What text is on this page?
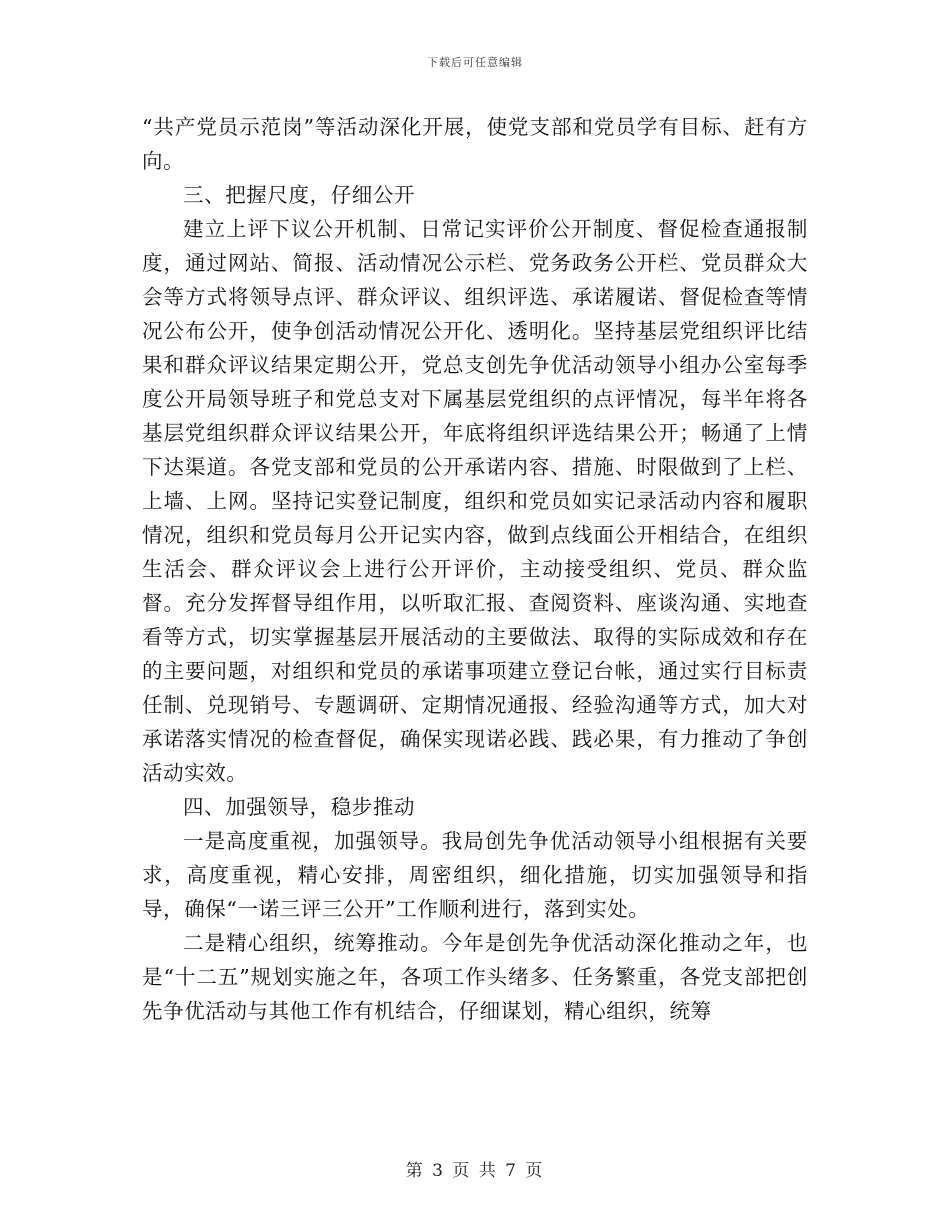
下载后可任意编辑

“共产党员示范岗”等活动深化开展，使党支部和党员学有目标、赶有方向。

三、把握尺度，仔细公开

建立上评下议公开机制、日常记实评价公开制度、督促检查通报制度，通过网站、简报、活动情况公示栏、党务政务公开栏、党员群众大会等方式将领导点评、群众评议、组织评选、承诺履诺、督促检查等情况公布公开，使争创活动情况公开化、透明化。坚持基层党组织评比结果和群众评议结果定期公开，党总支创先争优活动领导小组办公室每季度公开局领导班子和党总支对下属基层党组织的点评情况，每半年将各基层党组织群众评议结果公开，年底将组织评选结果公开；畅通了上情下达渠道。各党支部和党员的公开承诺内容、措施、时限做到了上栏、上墙、上网。坚持记实登记制度，组织和党员如实记录活动内容和履职情况，组织和党员每月公开记实内容，做到点线面公开相结合，在组织生活会、群众评议会上进行公开评价，主动接受组织、党员、群众监督。充分发挥督导组作用，以听取汇报、查阅资料、座谈沟通、实地查看等方式，切实掌握基层开展活动的主要做法、取得的实际成效和存在的主要问题，对组织和党员的承诺事项建立登记台帐，通过实行目标责任制、兑现销号、专题调研、定期情况通报、经验沟通等方式，加大对承诺落实情况的检查督促，确保实现诺必践、践必果，有力推动了争创活动实效。

四、加强领导，稳步推动

一是高度重视，加强领导。我局创先争优活动领导小组根据有关要求，高度重视，精心安排，周密组织，细化措施，切实加强领导和指导，确保“一诺三评三公开”工作顺利进行，落到实处。

二是精心组织，统筹推动。今年是创先争优活动深化推动之年，也是“十二五”规划实施之年，各项工作头绪多、任务繁重，各党支部把创先争优活动与其他工作有机结合，仔细谋划，精心组织，统筹

第 3 页 共 7 页
